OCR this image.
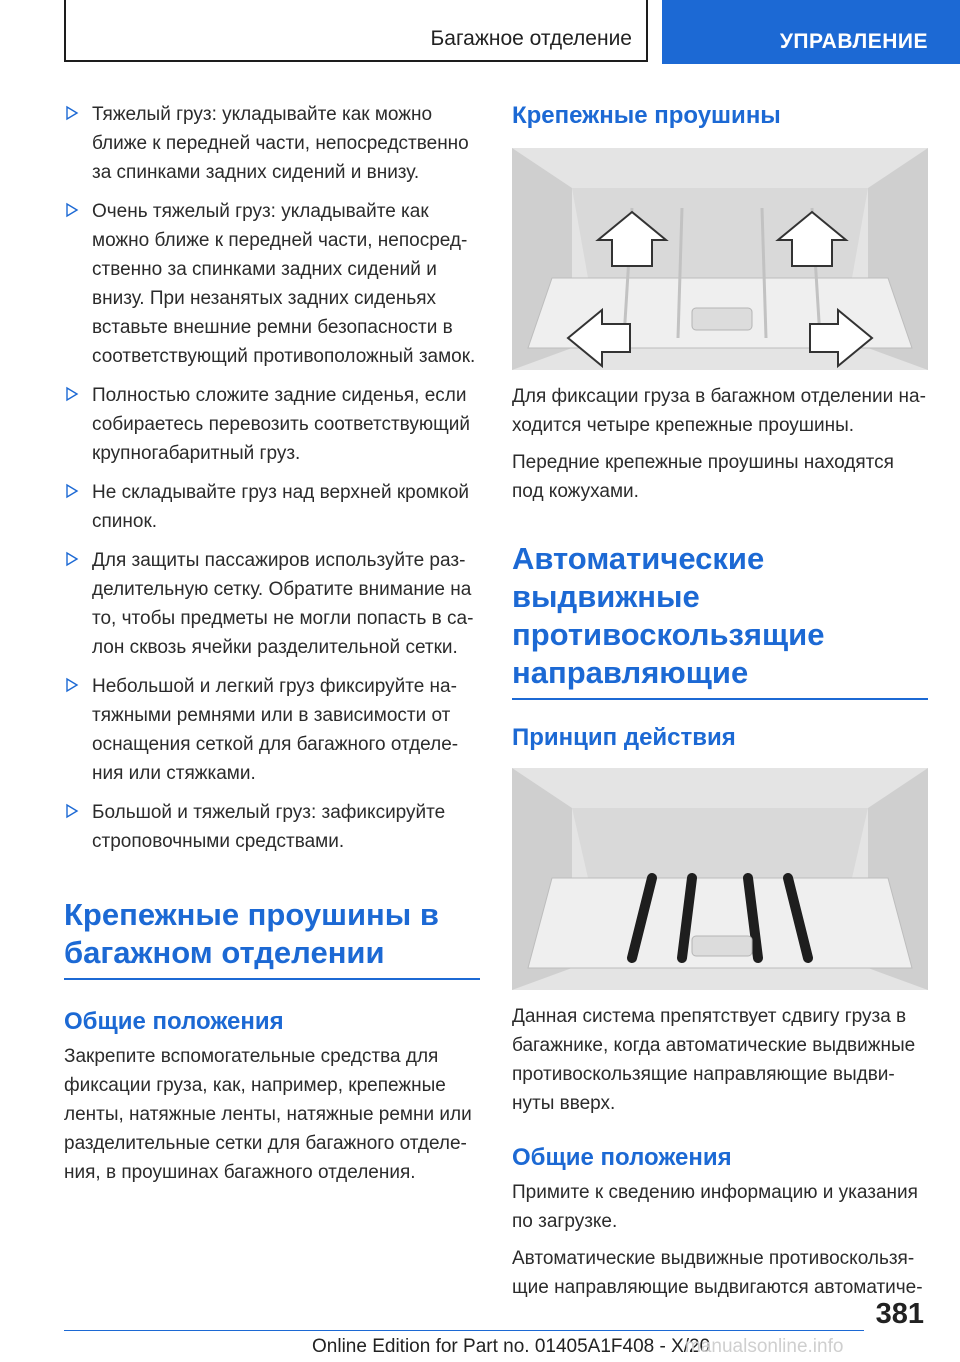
Багажное отделение	УПРАВЛЕНИЕ
Тяжелый груз: укладывайте как можно ближе к передней части, непосредственно за спинками задних сидений и внизу.
Очень тяжелый груз: укладывайте как можно ближе к передней части, непосредственно за спинками задних сидений и внизу. При незанятых задних сиденьях вставьте внешние ремни безопасности в соответствующий противоположный замок.
Полностью сложите задние сиденья, если собираетесь перевозить соответствующий крупногабаритный груз.
Не складывайте груз над верхней кромкой спинок.
Для защиты пассажиров используйте разделительную сетку. Обратите внимание на то, чтобы предметы не могли попасть в салон сквозь ячейки разделительной сетки.
Небольшой и легкий груз фиксируйте натяжными ремнями или в зависимости от оснащения сеткой для багажного отделения или стяжками.
Большой и тяжелый груз: зафиксируйте строповочными средствами.
Крепежные проушины в багажном отделении
Общие положения

Закрепите вспомогательные средства для фиксации груза, как, например, крепежные ленты, натяжные ленты, натяжные ремни или разделительные сетки для багажного отделения, в проушинах багажного отделения.

Крепежные проушины

Для фиксации груза в багажном отделении находится четыре крепежные проушины.

Передние крепежные проушины находятся под кожухами.

Автоматические выдвижные противоскользящие направляющие
Принцип действия

Данная система препятствует сдвигу груза в багажнике, когда автоматические выдвижные противоскользящие направляющие выдвинуты вверх.

Общие положения

Примите к сведению информацию и указания по загрузке.

Автоматические выдвижные противоскользящие направляющие выдвигаются автоматиче-

381
Online Edition for Part no. 01405A1F408 - X/20
manualsonline.info
